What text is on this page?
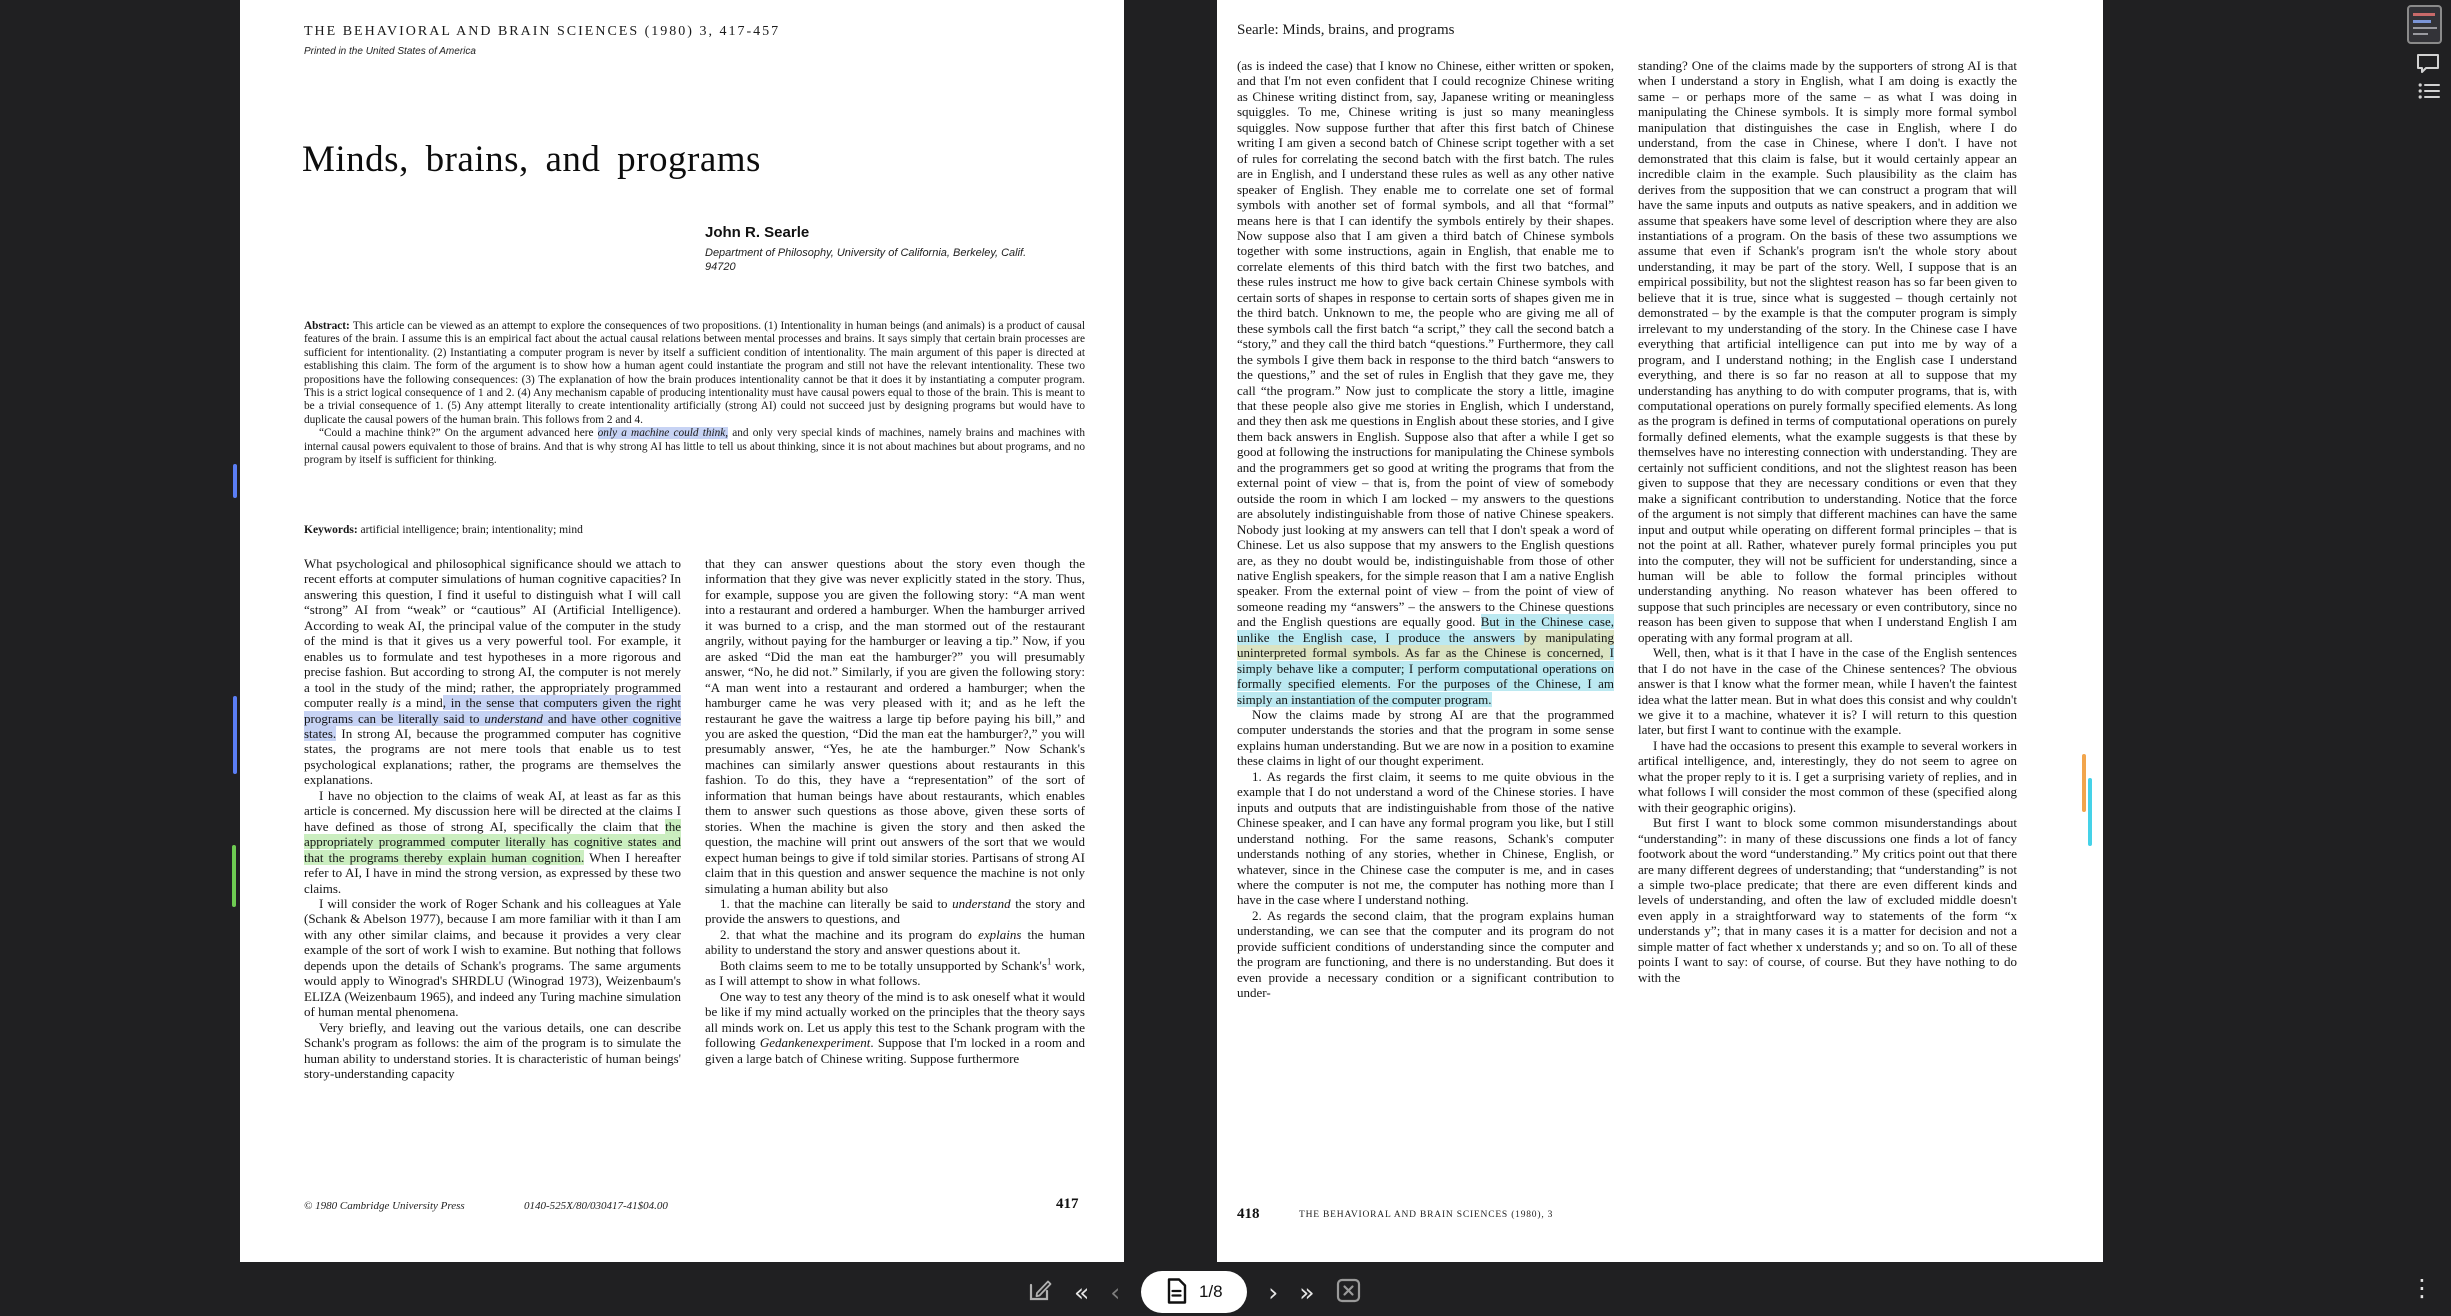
THE BEHAVIORAL AND BRAIN SCIENCES (1980) 3, 417-457
Printed in the United States of America
Minds, brains, and programs
John R. Searle
Department of Philosophy, University of California, Berkeley, Calif.
94720

Abstract: This article can be viewed as an attempt to explore the consequences of two propositions. (1) Intentionality in human beings (and animals) is a product of causal features of the brain. I assume this is an empirical fact about the actual causal relations between mental processes and brains. It says simply that certain brain processes are sufficient for intentionality. (2) Instantiating a computer program is never by itself a sufficient condition of intentionality. The main argument of this paper is directed at establishing this claim. The form of the argument is to show how a human agent could instantiate the program and still not have the relevant intentionality. These two propositions have the following consequences: (3) The explanation of how the brain produces intentionality cannot be that it does it by instantiating a computer program. This is a strict logical consequence of 1 and 2. (4) Any mechanism capable of producing intentionality must have causal powers equal to those of the brain. This is meant to be a trivial consequence of 1. (5) Any attempt literally to create intentionality artificially (strong AI) could not succeed just by designing programs but would have to duplicate the causal powers of the human brain. This follows from 2 and 4.

“Could a machine think?” On the argument advanced here only a machine could think, and only very special kinds of machines, namely brains and machines with internal causal powers equivalent to those of brains. And that is why strong AI has little to tell us about thinking, since it is not about machines but about programs, and no program by itself is sufficient for thinking.

Keywords: artificial intelligence; brain; intentionality; mind

What psychological and philosophical significance should we attach to recent efforts at computer simulations of human cognitive capacities? In answering this question, I find it useful to distinguish what I will call “strong” AI from “weak” or “cautious” AI (Artificial Intelligence). According to weak AI, the principal value of the computer in the study of the mind is that it gives us a very powerful tool. For example, it enables us to formulate and test hypotheses in a more rigorous and precise fashion. But according to strong AI, the computer is not merely a tool in the study of the mind; rather, the appropriately programmed computer really is a mind, in the sense that computers given the right programs can be literally said to understand and have other cognitive states. In strong AI, because the programmed computer has cognitive states, the programs are not mere tools that enable us to test psychological explanations; rather, the programs are themselves the explanations.

I have no objection to the claims of weak AI, at least as far as this article is concerned. My discussion here will be directed at the claims I have defined as those of strong AI, specifically the claim that the appropriately programmed computer literally has cognitive states and that the programs thereby explain human cognition. When I hereafter refer to AI, I have in mind the strong version, as expressed by these two claims.

I will consider the work of Roger Schank and his colleagues at Yale (Schank & Abelson 1977), because I am more familiar with it than I am with any other similar claims, and because it provides a very clear example of the sort of work I wish to examine. But nothing that follows depends upon the details of Schank's programs. The same arguments would apply to Winograd's SHRDLU (Winograd 1973), Weizenbaum's ELIZA (Weizenbaum 1965), and indeed any Turing machine simulation of human mental phenomena.

Very briefly, and leaving out the various details, one can describe Schank's program as follows: the aim of the program is to simulate the human ability to understand stories. It is characteristic of human beings' story-understanding capacity

that they can answer questions about the story even though the information that they give was never explicitly stated in the story. Thus, for example, suppose you are given the following story: “A man went into a restaurant and ordered a hamburger. When the hamburger arrived it was burned to a crisp, and the man stormed out of the restaurant angrily, without paying for the hamburger or leaving a tip.” Now, if you are asked “Did the man eat the hamburger?” you will presumably answer, “No, he did not.” Similarly, if you are given the following story: “A man went into a restaurant and ordered a hamburger; when the hamburger came he was very pleased with it; and as he left the restaurant he gave the waitress a large tip before paying his bill,” and you are asked the question, “Did the man eat the hamburger?,” you will presumably answer, “Yes, he ate the hamburger.” Now Schank's machines can similarly answer questions about restaurants in this fashion. To do this, they have a “representation” of the sort of information that human beings have about restaurants, which enables them to answer such questions as those above, given these sorts of stories. When the machine is given the story and then asked the question, the machine will print out answers of the sort that we would expect human beings to give if told similar stories. Partisans of strong AI claim that in this question and answer sequence the machine is not only simulating a human ability but also

1. that the machine can literally be said to understand the story and provide the answers to questions, and

2. that what the machine and its program do explains the human ability to understand the story and answer questions about it.

Both claims seem to me to be totally unsupported by $Schank's^1$ work, as I will attempt to show in what follows.

One way to test any theory of the mind is to ask oneself what it would be like if my mind actually worked on the principles that the theory says all minds work on. Let us apply this test to the Schank program with the following Gedankenexperiment. Suppose that I'm locked in a room and given a large batch of Chinese writing. Suppose furthermore

© 1980 Cambridge University Press	0140-525X/80/030417-41$04.00	417
Searle: Minds, brains, and programs

(as is indeed the case) that I know no Chinese, either written or spoken, and that I'm not even confident that I could recognize Chinese writing as Chinese writing distinct from, say, Japanese writing or meaningless squiggles. To me, Chinese writing is just so many meaningless squiggles. Now suppose further that after this first batch of Chinese writing I am given a second batch of Chinese script together with a set of rules for correlating the second batch with the first batch. The rules are in English, and I understand these rules as well as any other native speaker of English. They enable me to correlate one set of formal symbols with another set of formal symbols, and all that “formal” means here is that I can identify the symbols entirely by their shapes. Now suppose also that I am given a third batch of Chinese symbols together with some instructions, again in English, that enable me to correlate elements of this third batch with the first two batches, and these rules instruct me how to give back certain Chinese symbols with certain sorts of shapes in response to certain sorts of shapes given me in the third batch. Unknown to me, the people who are giving me all of these symbols call the first batch “a script,” they call the second batch a “story,” and they call the third batch “questions.” Furthermore, they call the symbols I give them back in response to the third batch “answers to the questions,” and the set of rules in English that they gave me, they call “the program.” Now just to complicate the story a little, imagine that these people also give me stories in English, which I understand, and they then ask me questions in English about these stories, and I give them back answers in English. Suppose also that after a while I get so good at following the instructions for manipulating the Chinese symbols and the programmers get so good at writing the programs that from the external point of view – that is, from the point of view of somebody outside the room in which I am locked – my answers to the questions are absolutely indistinguishable from those of native Chinese speakers. Nobody just looking at my answers can tell that I don't speak a word of Chinese. Let us also suppose that my answers to the English questions are, as they no doubt would be, indistinguishable from those of other native English speakers, for the simple reason that I am a native English speaker. From the external point of view – from the point of view of someone reading my “answers” – the answers to the Chinese questions and the English questions are equally good. But in the Chinese case, unlike the English case, I produce the answers by manipulating uninterpreted formal symbols. As far as the Chinese is concerned, I simply behave like a computer; I perform computational operations on formally specified elements. For the purposes of the Chinese, I am simply an instantiation of the computer program.

Now the claims made by strong AI are that the programmed computer understands the stories and that the program in some sense explains human understanding. But we are now in a position to examine these claims in light of our thought experiment.

1. As regards the first claim, it seems to me quite obvious in the example that I do not understand a word of the Chinese stories. I have inputs and outputs that are indistinguishable from those of the native Chinese speaker, and I can have any formal program you like, but I still understand nothing. For the same reasons, Schank's computer understands nothing of any stories, whether in Chinese, English, or whatever, since in the Chinese case the computer is me, and in cases where the computer is not me, the computer has nothing more than I have in the case where I understand nothing.

2. As regards the second claim, that the program explains human understanding, we can see that the computer and its program do not provide sufficient conditions of understanding since the computer and the program are functioning, and there is no understanding. But does it even provide a necessary condition or a significant contribution to under-

standing? One of the claims made by the supporters of strong AI is that when I understand a story in English, what I am doing is exactly the same – or perhaps more of the same – as what I was doing in manipulating the Chinese symbols. It is simply more formal symbol manipulation that distinguishes the case in English, where I do understand, from the case in Chinese, where I don't. I have not demonstrated that this claim is false, but it would certainly appear an incredible claim in the example. Such plausibility as the claim has derives from the supposition that we can construct a program that will have the same inputs and outputs as native speakers, and in addition we assume that speakers have some level of description where they are also instantiations of a program. On the basis of these two assumptions we assume that even if Schank's program isn't the whole story about understanding, it may be part of the story. Well, I suppose that is an empirical possibility, but not the slightest reason has so far been given to believe that it is true, since what is suggested – though certainly not demonstrated – by the example is that the computer program is simply irrelevant to my understanding of the story. In the Chinese case I have everything that artificial intelligence can put into me by way of a program, and I understand nothing; in the English case I understand everything, and there is so far no reason at all to suppose that my understanding has anything to do with computer programs, that is, with computational operations on purely formally specified elements. As long as the program is defined in terms of computational operations on purely formally defined elements, what the example suggests is that these by themselves have no interesting connection with understanding. They are certainly not sufficient conditions, and not the slightest reason has been given to suppose that they are necessary conditions or even that they make a significant contribution to understanding. Notice that the force of the argument is not simply that different machines can have the same input and output while operating on different formal principles – that is not the point at all. Rather, whatever purely formal principles you put into the computer, they will not be sufficient for understanding, since a human will be able to follow the formal principles without understanding anything. No reason whatever has been offered to suppose that such principles are necessary or even contributory, since no reason has been given to suppose that when I understand English I am operating with any formal program at all.

Well, then, what is it that I have in the case of the English sentences that I do not have in the case of the Chinese sentences? The obvious answer is that I know what the former mean, while I haven't the faintest idea what the latter mean. But in what does this consist and why couldn't we give it to a machine, whatever it is? I will return to this question later, but first I want to continue with the example.

I have had the occasions to present this example to several workers in artifical intelligence, and, interestingly, they do not seem to agree on what the proper reply to it is. I get a surprising variety of replies, and in what follows I will consider the most common of these (specified along with their geographic origins).

But first I want to block some common misunderstandings about “understanding”: in many of these discussions one finds a lot of fancy footwork about the word “understanding.” My critics point out that there are many different degrees of understanding; that “understanding” is not a simple two-place predicate; that there are even different kinds and levels of understanding, and often the law of excluded middle doesn't even apply in a straightforward way to statements of the form “x understands y”; that in many cases it is a matter for decision and not a simple matter of fact whether x understands y; and so on. To all of these points I want to say: of course, of course. But they have nothing to do with the

418	THE BEHAVIORAL AND BRAIN SCIENCES (1980), 3
« ‹	1/8 › »	⋮
